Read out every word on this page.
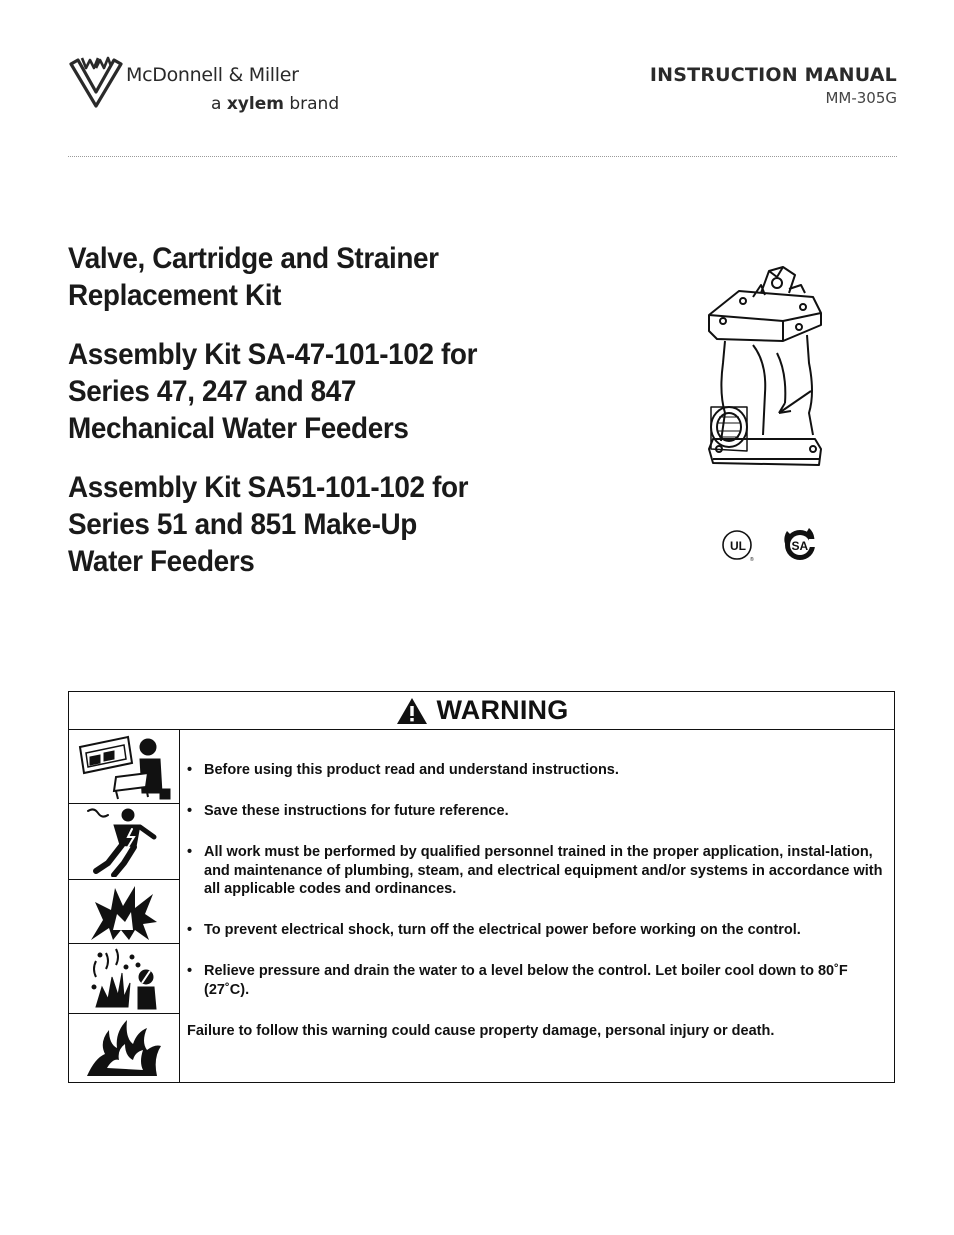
McDonnell & Miller
a xylem brand
INSTRUCTION MANUAL
MM-305G
Valve, Cartridge and Strainer
Replacement Kit
Assembly Kit SA-47-101-102 for
Series 47, 247 and 847
Mechanical Water Feeders
Assembly Kit SA51-101-102 for
Series 51 and 851 Make-Up
Water Feeders	UL
®
SA
WARNING
• Before using this product read and understand instructions.
• Save these instructions for future reference.
• All work must be performed by qualified personnel trained in the proper application, instal-lation, and maintenance of plumbing, steam, and electrical equipment and/or systems in accordance with all applicable codes and ordinances.
• To prevent electrical shock, turn off the electrical power before working on the control.
• Relieve pressure and drain the water to a level below the control. Let boiler cool down to 80˚F (27˚C).
Failure to follow this warning could cause property damage, personal injury or death.
